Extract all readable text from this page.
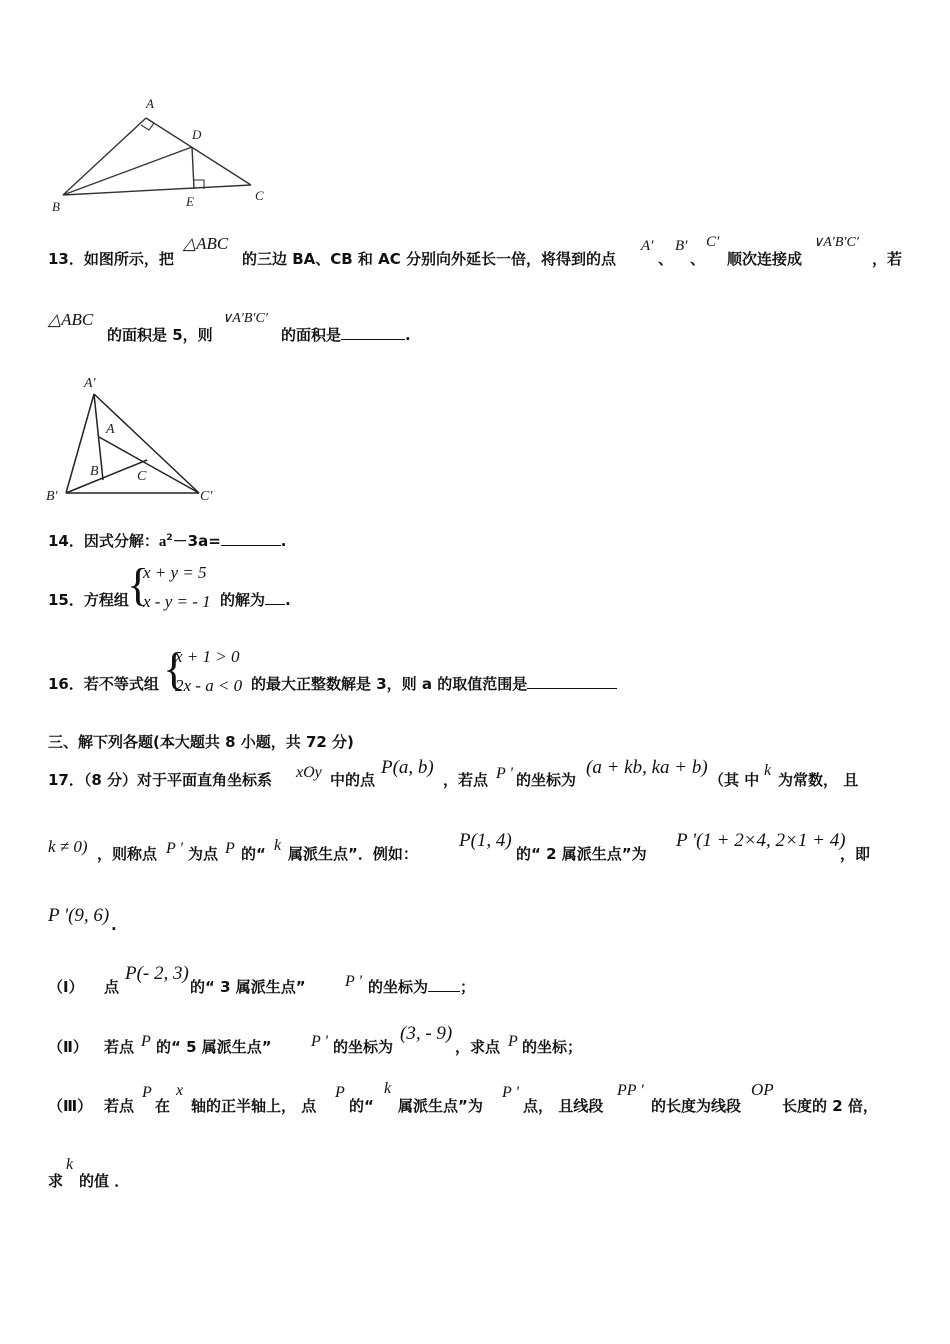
A
D
B	E	C
13．如图所示，把
△ABC
的三边 BA、CB 和 AC 分别向外延长一倍，将得到的点
A′
、
B′
、
C′
顺次连接成
∨A′B′C′
，若
△ABC
的面积是 5，则
∨A′B′C′
的面积是	.
A′
A
B	C
B′	C′
14．因式分解：$a^2-3a=$	.
15．方程组
{
x + y = 5
x - y = - 1 的解为 .
16．若不等式组 {
x + 1 > 0
2x - a < 0 的最大正整数解是 3，则 a 的取值范围是
三、解下列各题(本大题共 8 小题，共 72 分)
17．（8 分）对于平面直角坐标系 xOy 中的点
P(a, b)
，若点 P ' 的坐标为
(a + kb, ka + b)
（其 中
k
为常数， 且
k ≠ 0) ，则称点 P ' 为点 P 的“ k 属派生点”．例如：
P(1, 4)
的“ 2 属派生点”为
P '(1 + 2×4, 2×1 + 4)
，即
P '(9, 6) .
（Ⅰ） 点
P(- 2, 3)
的“ 3 属派生点” P ' 的坐标为 ；
（Ⅱ） 若点 P 的“ 5 属派生点” P ' 的坐标为
(3, - 9)
，求点 P 的坐标；
（Ⅲ） 若点
P
在
x
轴的正半轴上， 点
P
的“
k
属派生点”为
P '
点， 且线段
PP '
的长度为线段
OP
长度的 2 倍，
求
k
的值 ．
